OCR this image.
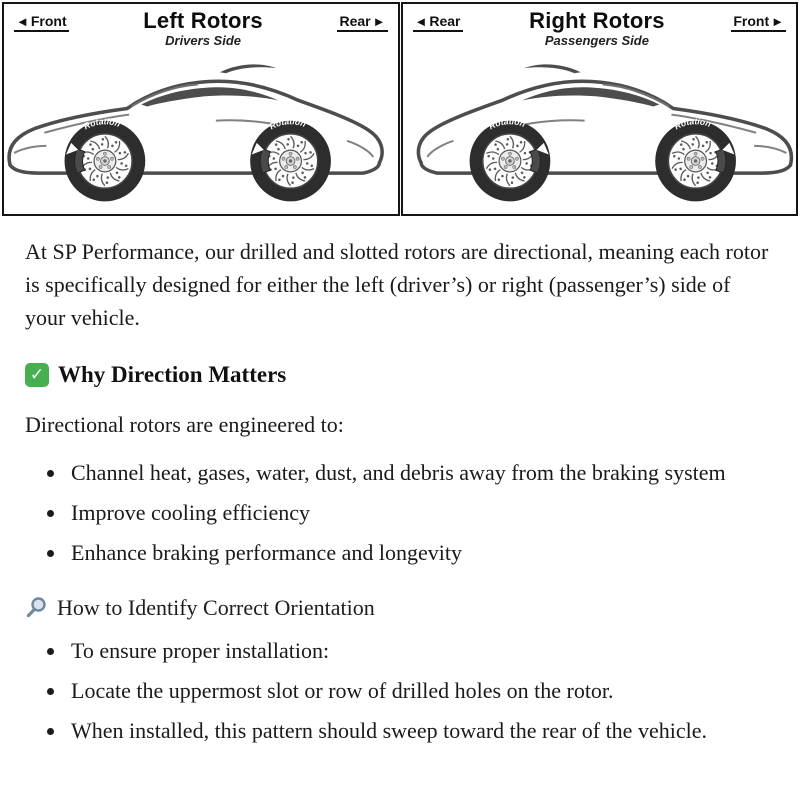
◄ Front	Left Rotors
Drivers Side
Rear ► ◄ Rear	Right Rotors
Passengers Side
Front ►

At SP Performance, our drilled and slotted rotors are directional, meaning each rotor is specifically designed for either the left (driver’s) or right (passenger’s) side of your vehicle.

✓ Why Direction Matters

Directional rotors are engineered to:

• Channel heat, gases, water, dust, and debris away from the braking system
• Improve cooling efficiency
• Enhance braking performance and longevity
How to Identify Correct Orientation
• To ensure proper installation:
• Locate the uppermost slot or row of drilled holes on the rotor.
• When installed, this pattern should sweep toward the rear of the vehicle.
